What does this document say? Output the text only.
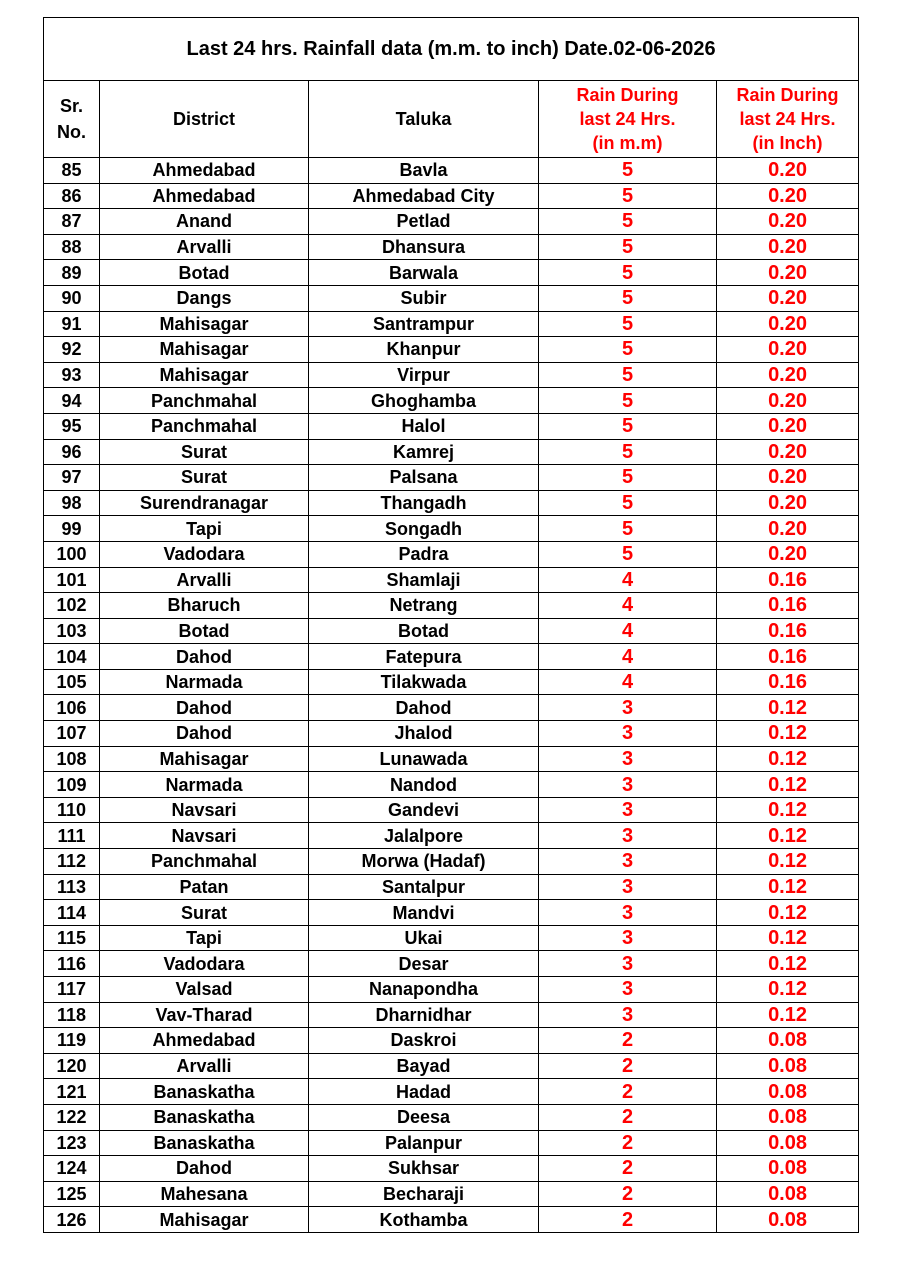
Last 24 hrs. Rainfall data (m.m. to inch) Date.02-06-2026				
Sr.
No.	District	Taluka	Rain During
last 24 Hrs.
(in m.m)	Rain During
last 24 Hrs.
(in Inch)
85	Ahmedabad	Bavla	5	0.20
86	Ahmedabad	Ahmedabad City	5	0.20
87	Anand	Petlad	5	0.20
88	Arvalli	Dhansura	5	0.20
89	Botad	Barwala	5	0.20
90	Dangs	Subir	5	0.20
91	Mahisagar	Santrampur	5	0.20
92	Mahisagar	Khanpur	5	0.20
93	Mahisagar	Virpur	5	0.20
94	Panchmahal	Ghoghamba	5	0.20
95	Panchmahal	Halol	5	0.20
96	Surat	Kamrej	5	0.20
97	Surat	Palsana	5	0.20
98	Surendranagar	Thangadh	5	0.20
99	Tapi	Songadh	5	0.20
100	Vadodara	Padra	5	0.20
101	Arvalli	Shamlaji	4	0.16
102	Bharuch	Netrang	4	0.16
103	Botad	Botad	4	0.16
104	Dahod	Fatepura	4	0.16
105	Narmada	Tilakwada	4	0.16
106	Dahod	Dahod	3	0.12
107	Dahod	Jhalod	3	0.12
108	Mahisagar	Lunawada	3	0.12
109	Narmada	Nandod	3	0.12
110	Navsari	Gandevi	3	0.12
111	Navsari	Jalalpore	3	0.12
112	Panchmahal	Morwa (Hadaf)	3	0.12
113	Patan	Santalpur	3	0.12
114	Surat	Mandvi	3	0.12
115	Tapi	Ukai	3	0.12
116	Vadodara	Desar	3	0.12
117	Valsad	Nanapondha	3	0.12
118	Vav-Tharad	Dharnidhar	3	0.12
119	Ahmedabad	Daskroi	2	0.08
120	Arvalli	Bayad	2	0.08
121	Banaskatha	Hadad	2	0.08
122	Banaskatha	Deesa	2	0.08
123	Banaskatha	Palanpur	2	0.08
124	Dahod	Sukhsar	2	0.08
125	Mahesana	Becharaji	2	0.08
126	Mahisagar	Kothamba	2	0.08
